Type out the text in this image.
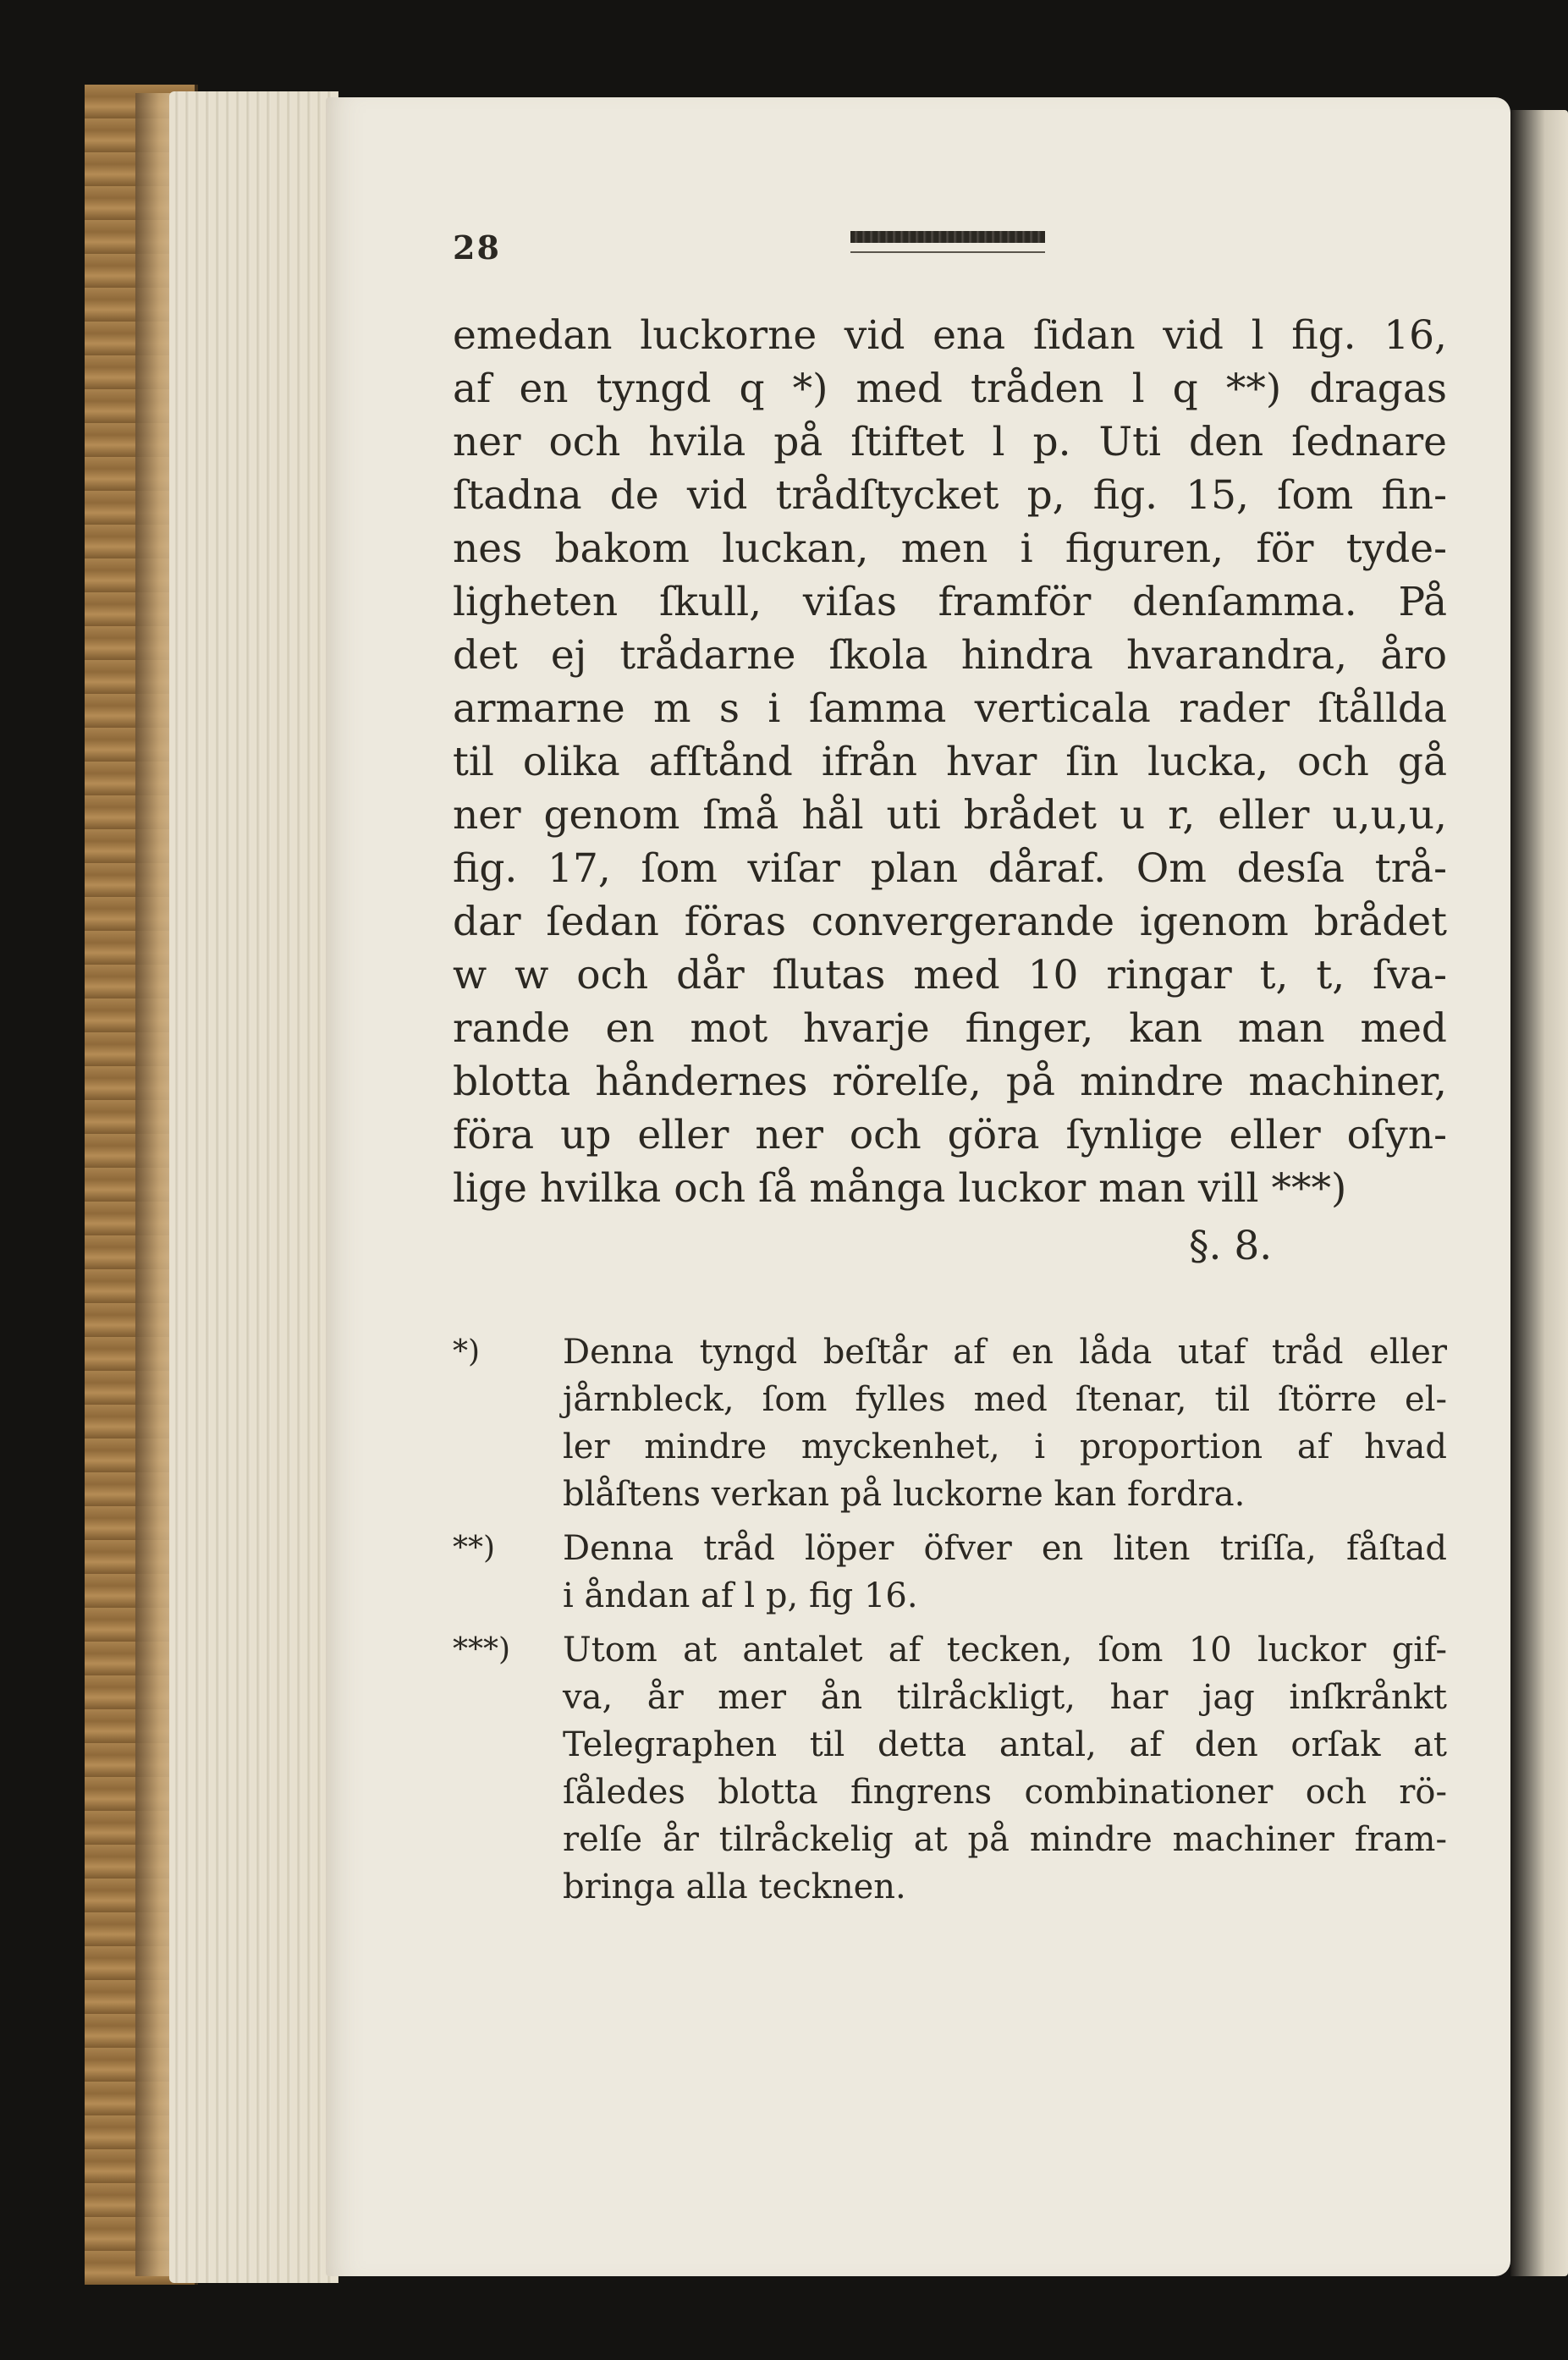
28
emedan luckorne vid ena ſidan vid l fig. 16,
af en tyngd q *) med tråden l q **) dragas
ner och hvila på ſtiftet l p. Uti den ſednare
ſtadna de vid trådſtycket p, fig. 15, ſom fin-
nes bakom luckan, men i figuren, för tyde-
ligheten ſkull, viſas framför denſamma. På
det ej trådarne ſkola hindra hvarandra, åro
armarne m s i ſamma verticala rader ſtållda
til olika afſtånd ifrån hvar ſin lucka, och gå
ner genom ſmå hål uti brådet u r, eller u,u,u,
fig. 17, ſom viſar plan dåraf. Om desſa trå-
dar ſedan föras convergerande igenom brådet
w w och dår ſlutas med 10 ringar t, t, ſva-
rande en mot hvarje finger, kan man med
blotta håndernes rörelſe, på mindre machiner,
föra up eller ner och göra ſynlige eller oſyn-
lige hvilka och ſå många luckor man vill ***)
§. 8.
*)	Denna tyngd beſtår af en låda utaf tråd eller
jårnbleck, ſom fylles med ſtenar, til ſtörre el-
ler mindre myckenhet, i proportion af hvad
blåſtens verkan på luckorne kan fordra.
**) Denna tråd löper öfver en liten triſſa, fåſtad
i åndan af l p, fig 16.
***) Utom at antalet af tecken, ſom 10 luckor gif-
va, år mer ån tilråckligt, har jag inſkrånkt
Telegraphen til detta antal, af den orſak at
ſåledes blotta fingrens combinationer och rö-
relſe år tilråckelig at på mindre machiner fram-
bringa alla tecknen.
